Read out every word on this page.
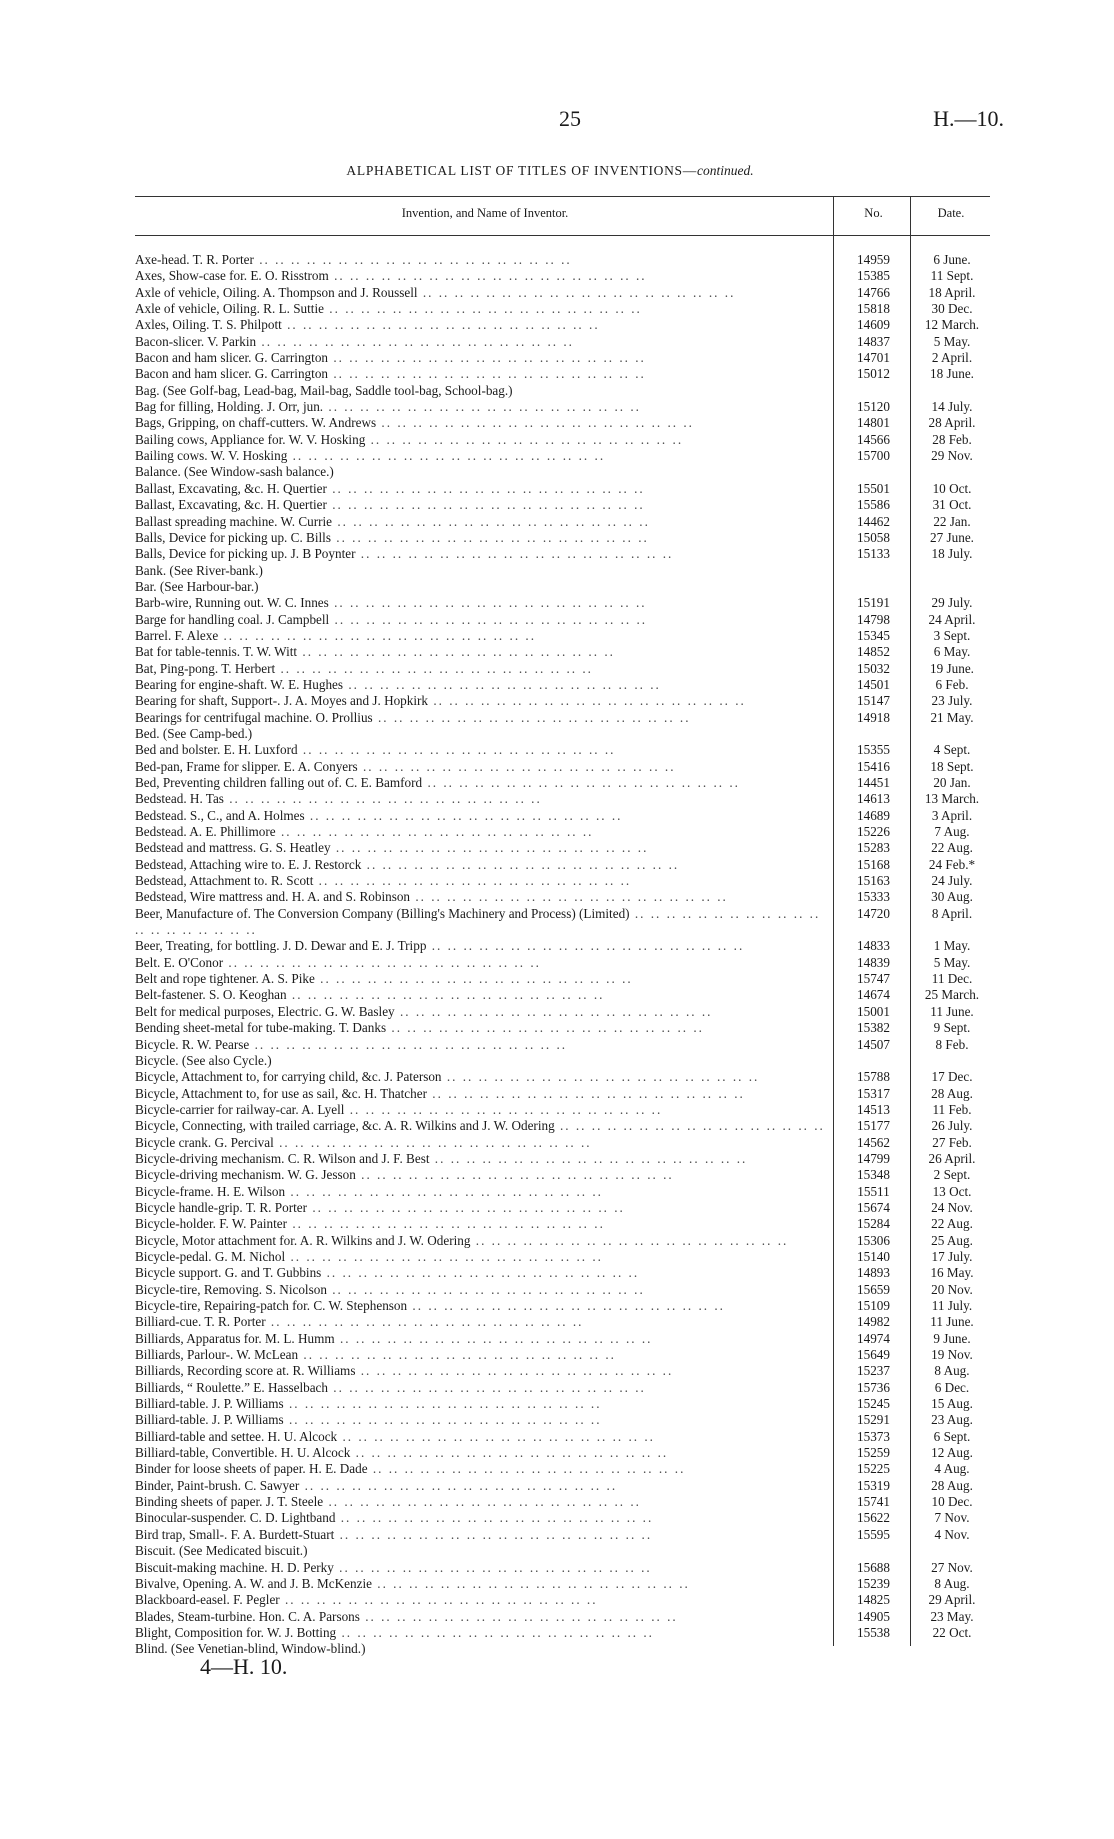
25	H.—10.
ALPHABETICAL LIST OF TITLES OF INVENTIONS—continued.
Invention, and Name of Inventor.	No.	Date.
Axe-head. T. R. Porter .. ..	14959	6 June.
Axes, Show-case for. E. O. Risstrom .. ..	15385	11 Sept.
Axle of vehicle, Oiling. A. Thompson and J. Roussell .. ..	14766	18 April.
Axle of vehicle, Oiling. R. L. Suttie .. ..	15818	30 Dec.
Axles, Oiling. T. S. Philpott .. ..	14609	12 March.
Bacon-slicer. V. Parkin .. ..	14837	5 May.
Bacon and ham slicer. G. Carrington .. ..	14701	2 April.
Bacon and ham slicer. G. Carrington .. ..	15012	18 June.
Bag. (See Golf-bag, Lead-bag, Mail-bag, Saddle tool-bag, School-bag.)
Bag for filling, Holding. J. Orr, jun. .. ..	15120	14 July.
Bags, Gripping, on chaff-cutters. W. Andrews .. ..	14801	28 April.
Bailing cows, Appliance for. W. V. Hosking .. ..	14566	28 Feb.
Bailing cows. W. V. Hosking .. ..	15700	29 Nov.
Balance. (See Window-sash balance.)
Ballast, Excavating, &c. H. Quertier .. ..	15501	10 Oct.
Ballast, Excavating, &c. H. Quertier .. ..	15586	31 Oct.
Ballast spreading machine. W. Currie .. ..	14462	22 Jan.
Balls, Device for picking up. C. Bills .. ..	15058	27 June.
Balls, Device for picking up. J. B Poynter .. ..	15133	18 July.
Bank. (See River-bank.)
Bar. (See Harbour-bar.)
Barb-wire, Running out. W. C. Innes .. ..	15191	29 July.
Barge for handling coal. J. Campbell .. ..	14798	24 April.
Barrel. F. Alexe .. ..	15345	3 Sept.
Bat for table-tennis. T. W. Witt .. ..	14852	6 May.
Bat, Ping-pong. T. Herbert .. ..	15032	19 June.
Bearing for engine-shaft. W. E. Hughes .. ..	14501	6 Feb.
Bearing for shaft, Support-. J. A. Moyes and J. Hopkirk .. ..	15147	23 July.
Bearings for centrifugal machine. O. Prollius .. ..	14918	21 May.
Bed. (See Camp-bed.)
Bed and bolster. E. H. Luxford .. ..	15355	4 Sept.
Bed-pan, Frame for slipper. E. A. Conyers .. ..	15416	18 Sept.
Bed, Preventing children falling out of. C. E. Bamford .. ..	14451	20 Jan.
Bedstead. H. Tas .. ..	14613	13 March.
Bedstead. S., C., and A. Holmes .. ..	14689	3 April.
Bedstead. A. E. Phillimore .. ..	15226	7 Aug.
Bedstead and mattress. G. S. Heatley .. ..	15283	22 Aug.
Bedstead, Attaching wire to. E. J. Restorck .. ..	15168	24 Feb.*
Bedstead, Attachment to. R. Scott .. ..	15163	24 July.
Bedstead, Wire mattress and. H. A. and S. Robinson .. ..	15333	30 Aug.
Beer, Manufacture of. The Conversion Company (Billing's Machinery and Process) (Limited) .. ..	14720	8 April.
Beer, Treating, for bottling. J. D. Dewar and E. J. Tripp .. ..	14833	1 May.
Belt. E. O'Conor .. ..	14839	5 May.
Belt and rope tightener. A. S. Pike .. ..	15747	11 Dec.
Belt-fastener. S. O. Keoghan .. ..	14674	25 March.
Belt for medical purposes, Electric. G. W. Basley .. ..	15001	11 June.
Bending sheet-metal for tube-making. T. Danks .. ..	15382	9 Sept.
Bicycle. R. W. Pearse .. ..	14507	8 Feb.
Bicycle. (See also Cycle.)
Bicycle, Attachment to, for carrying child, &c. J. Paterson .. ..	15788	17 Dec.
Bicycle, Attachment to, for use as sail, &c. H. Thatcher .. ..	15317	28 Aug.
Bicycle-carrier for railway-car. A. Lyell .. ..	14513	11 Feb.
Bicycle, Connecting, with trailed carriage, &c. A. R. Wilkins and J. W. Odering .. ..	15177	26 July.
Bicycle crank. G. Percival .. ..	14562	27 Feb.
Bicycle-driving mechanism. C. R. Wilson and J. F. Best .. ..	14799	26 April.
Bicycle-driving mechanism. W. G. Jesson .. ..	15348	2 Sept.
Bicycle-frame. H. E. Wilson .. ..	15511	13 Oct.
Bicycle handle-grip. T. R. Porter .. ..	15674	24 Nov.
Bicycle-holder. F. W. Painter .. ..	15284	22 Aug.
Bicycle, Motor attachment for. A. R. Wilkins and J. W. Odering .. ..	15306	25 Aug.
Bicycle-pedal. G. M. Nichol .. ..	15140	17 July.
Bicycle support. G. and T. Gubbins .. ..	14893	16 May.
Bicycle-tire, Removing. S. Nicolson .. ..	15659	20 Nov.
Bicycle-tire, Repairing-patch for. C. W. Stephenson .. ..	15109	11 July.
Billiard-cue. T. R. Porter .. ..	14982	11 June.
Billiards, Apparatus for. M. L. Humm .. ..	14974	9 June.
Billiards, Parlour-. W. McLean .. ..	15649	19 Nov.
Billiards, Recording score at. R. Williams .. ..	15237	8 Aug.
Billiards, “ Roulette.” E. Hasselbach .. ..	15736	6 Dec.
Billiard-table. J. P. Williams .. ..	15245	15 Aug.
Billiard-table. J. P. Williams .. ..	15291	23 Aug.
Billiard-table and settee. H. U. Alcock .. ..	15373	6 Sept.
Billiard-table, Convertible. H. U. Alcock .. ..	15259	12 Aug.
Binder for loose sheets of paper. H. E. Dade .. ..	15225	4 Aug.
Binder, Paint-brush. C. Sawyer .. ..	15319	28 Aug.
Binding sheets of paper. J. T. Steele .. ..	15741	10 Dec.
Binocular-suspender. C. D. Lightband .. ..	15622	7 Nov.
Bird trap, Small-. F. A. Burdett-Stuart .. ..	15595	4 Nov.
Biscuit. (See Medicated biscuit.)
Biscuit-making machine. H. D. Perky .. ..	15688	27 Nov.
Bivalve, Opening. A. W. and J. B. McKenzie .. ..	15239	8 Aug.
Blackboard-easel. F. Pegler .. ..	14825	29 April.
Blades, Steam-turbine. Hon. C. A. Parsons .. ..	14905	23 May.
Blight, Composition for. W. J. Botting .. ..	15538	22 Oct.
Blind. (See Venetian-blind, Window-blind.)
4—H. 10.
